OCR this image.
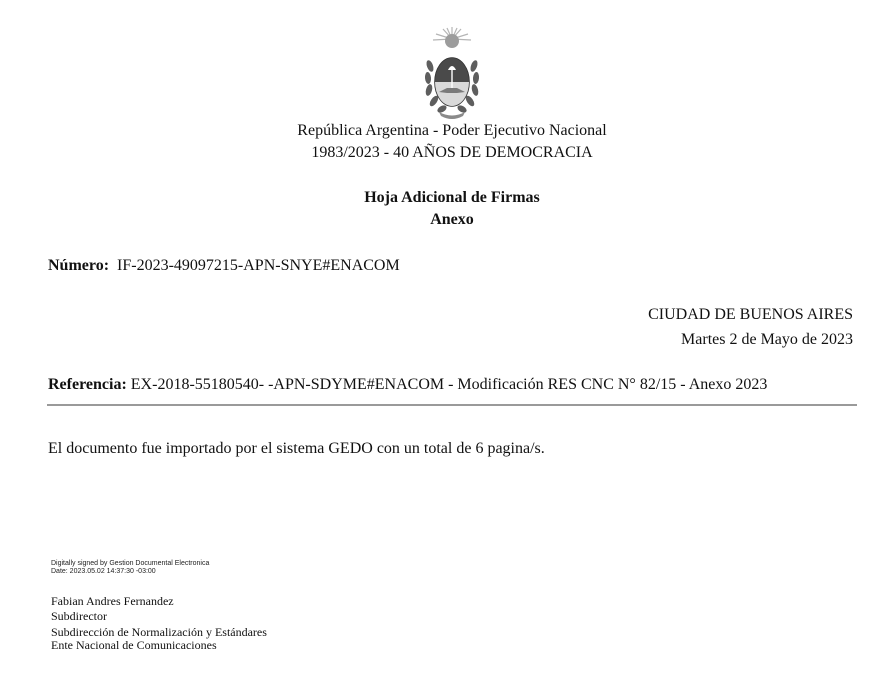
República Argentina - Poder Ejecutivo Nacional
1983/2023 - 40 AÑOS DE DEMOCRACIA
Hoja Adicional de Firmas
Anexo
Número: IF-2023-49097215-APN-SNYE#ENACOM
CIUDAD DE BUENOS AIRES
Martes 2 de Mayo de 2023
Referencia: EX-2018-55180540- -APN-SDYME#ENACOM - Modificación RES CNC N° 82/15 - Anexo 2023
El documento fue importado por el sistema GEDO con un total de 6 pagina/s.
Digitally signed by Gestion Documental Electronica
Date: 2023.05.02 14:37:30 -03:00
Fabian Andres Fernandez
Subdirector
Subdirección de Normalización y Estándares
Ente Nacional de Comunicaciones
